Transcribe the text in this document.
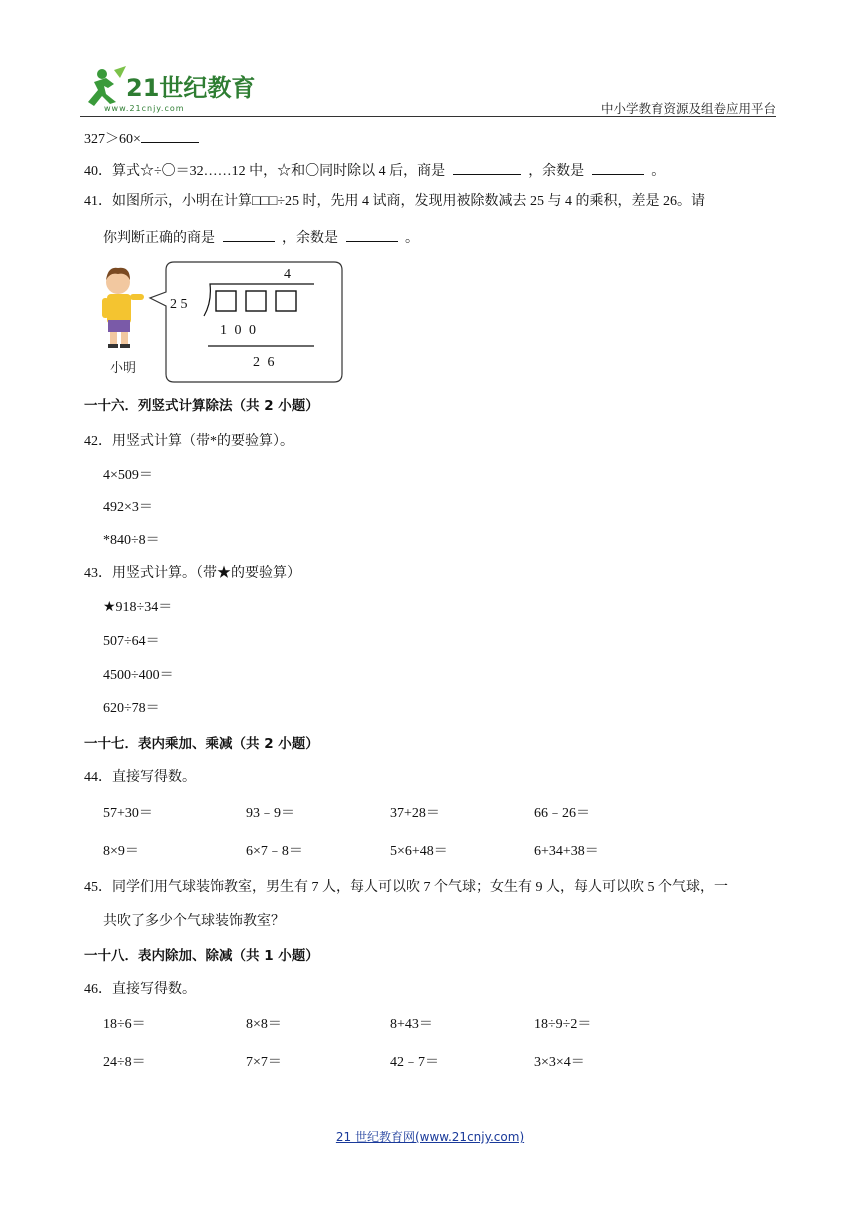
21世纪教育
www.21cnjy.com	中小学教育资源及组卷应用平台
327＞60×
40．算式☆÷〇＝32……12 中，☆和〇同时除以 4 后，商是	，余数是	。
41．如图所示，小明在计算□□□÷25 时，先用 4 试商，发现用被除数减去 25 与 4 的乘积，差是 26。请
你判断正确的商是	，余数是	。
小明
4
2 5
1 0 0
2 6
一十六．列竖式计算除法（共 2 小题）
42．用竖式计算（带*的要验算）。
4×509＝
492×3＝
*840÷8＝
43．用竖式计算。（带★的要验算）
★918÷34＝
507÷64＝
4500÷400＝
620÷78＝
一十七．表内乘加、乘减（共 2 小题）
44．直接写得数。
57+30＝	93﹣9＝	37+28＝	66﹣26＝
8×9＝	6×7﹣8＝	5×6+48＝	6+34+38＝
45．同学们用气球装饰教室，男生有 7 人，每人可以吹 7 个气球；女生有 9 人，每人可以吹 5 个气球，一
共吹了多少个气球装饰教室？
一十八．表内除加、除减（共 1 小题）
46．直接写得数。
18÷6＝	8×8＝	8+43＝	18÷9÷2＝
24÷8＝	7×7＝	42﹣7＝	3×3×4＝
21 世纪教育网(www.21cnjy.com)
